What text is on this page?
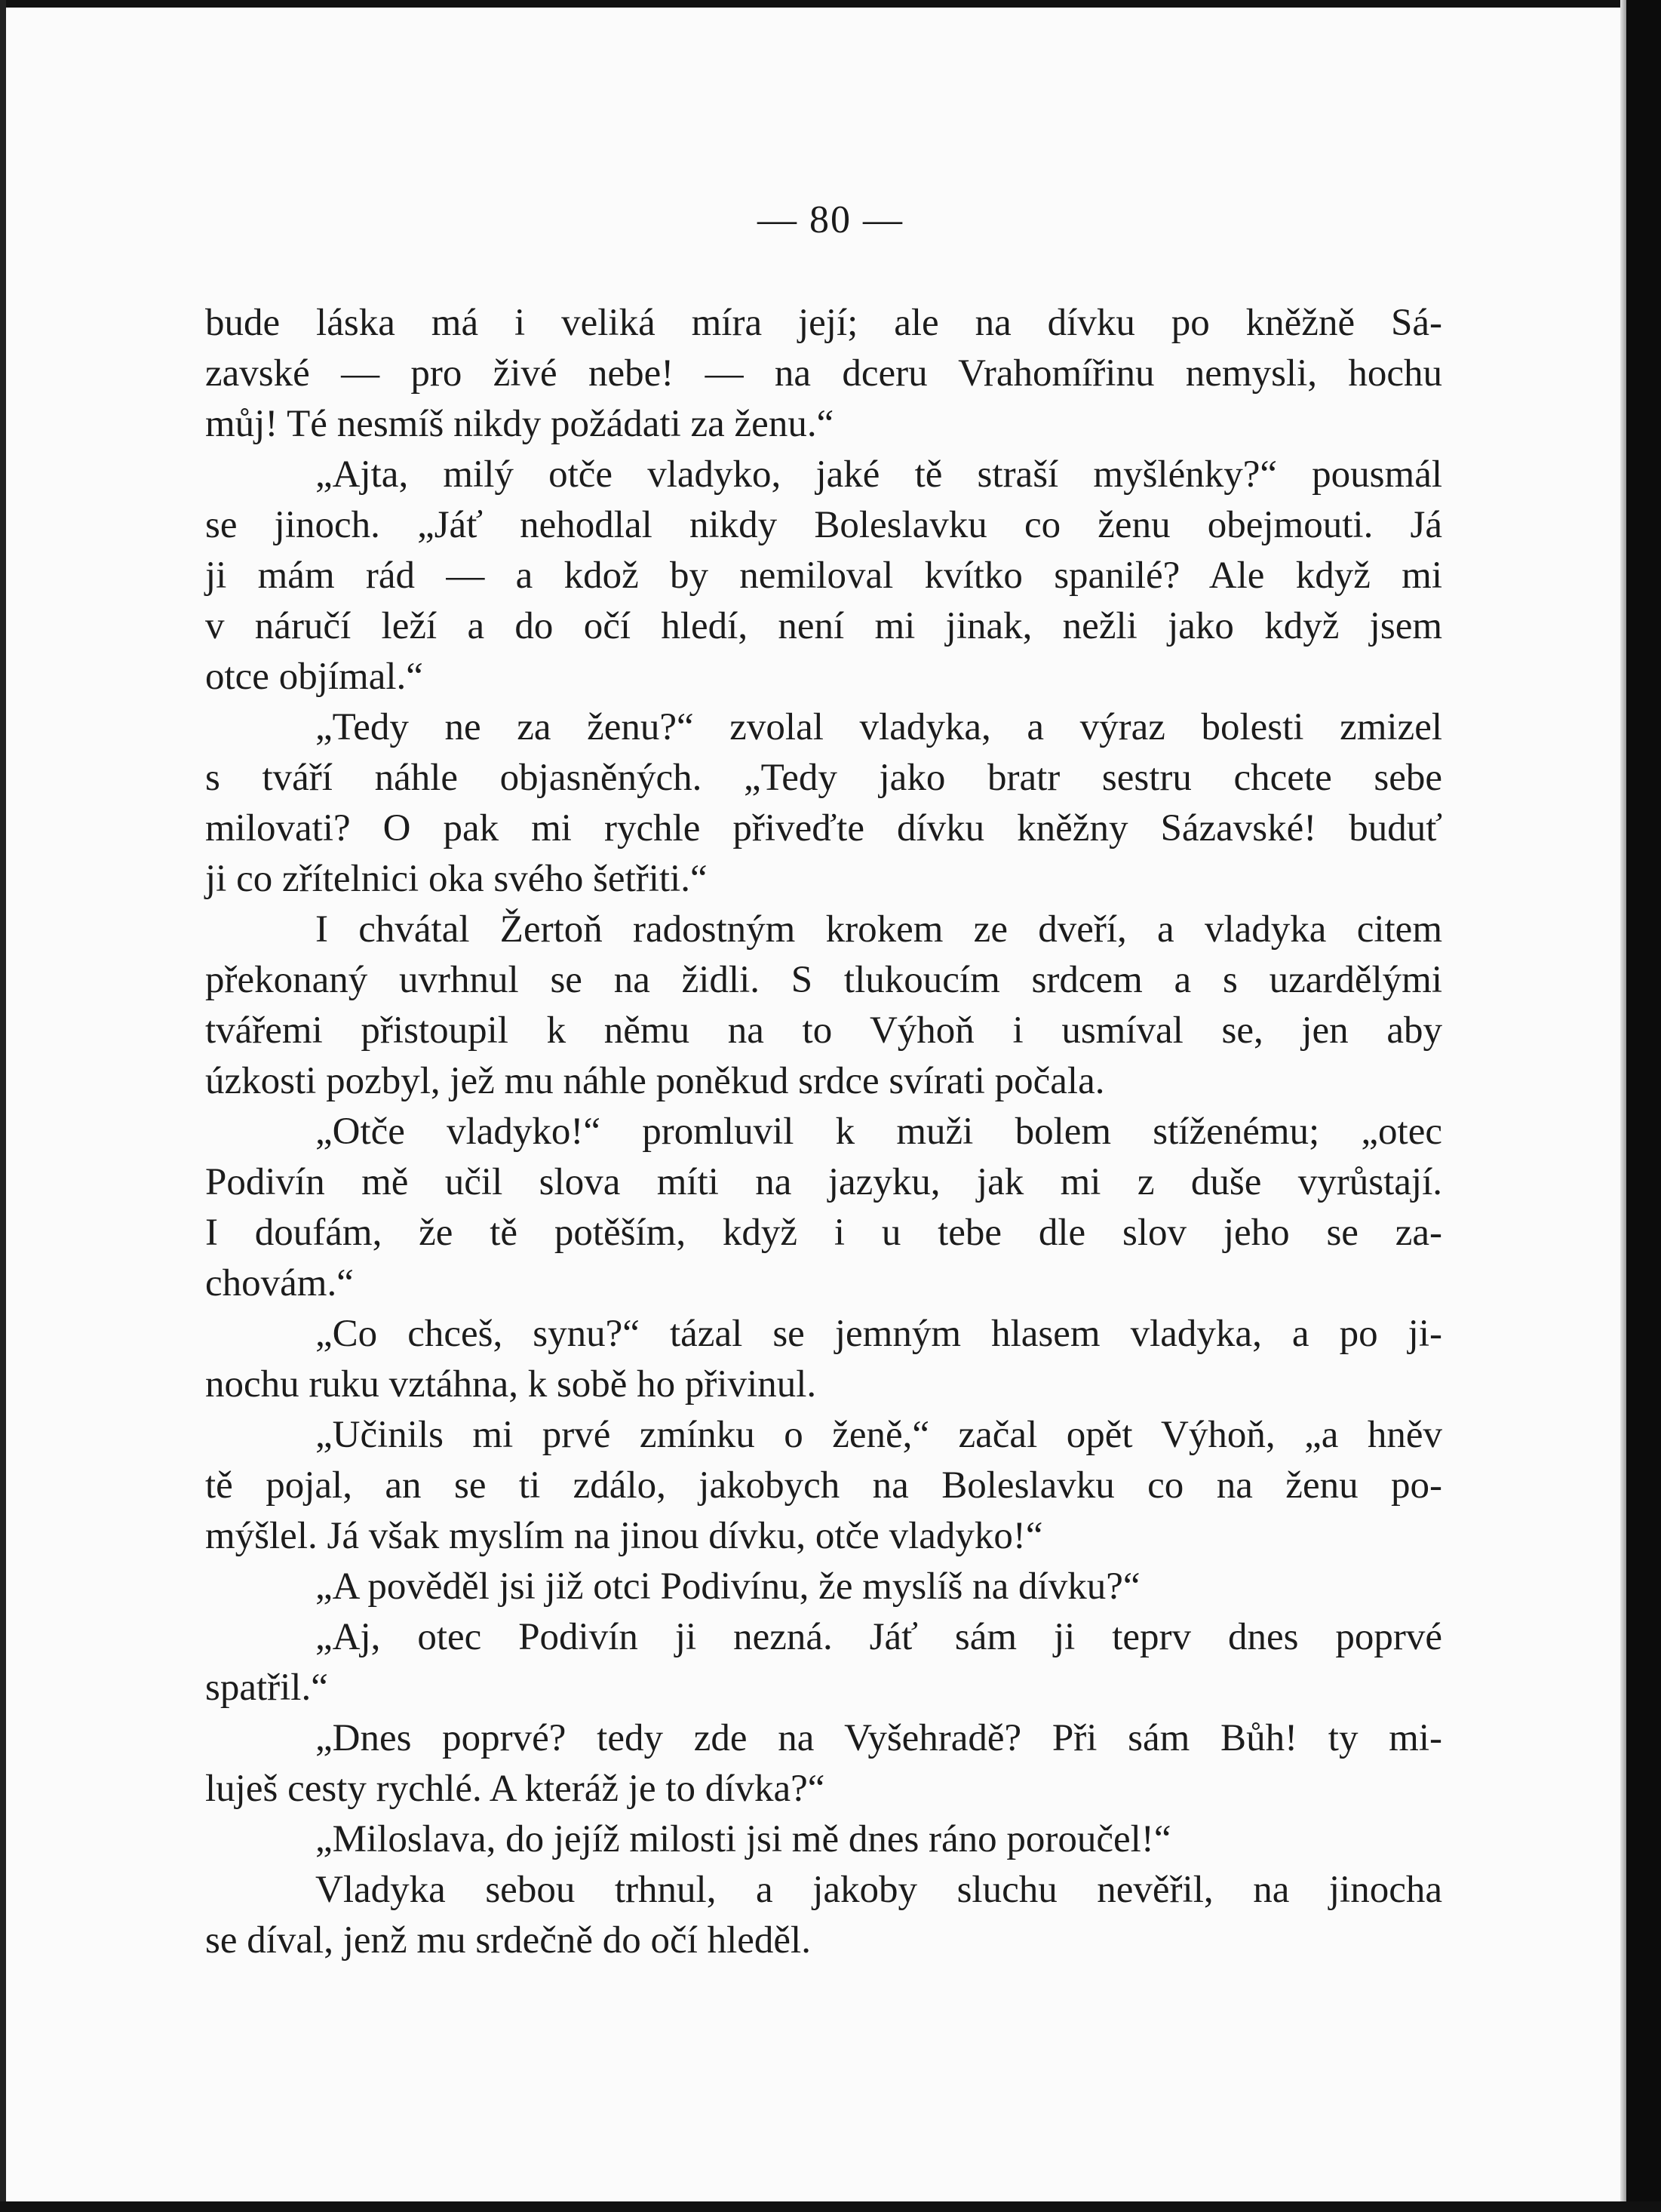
— 80 —
bude láska má i veliká míra její; ale na dívku po kněžně Sá-
zavské — pro živé nebe! — na dceru Vrahomířinu nemysli, hochu
můj! Té nesmíš nikdy požádati za ženu.“
„Ajta, milý otče vladyko, jaké tě straší myšlénky?“ pousmál
se jinoch. „Jáť nehodlal nikdy Boleslavku co ženu obejmouti. Já
ji mám rád — a kdož by nemiloval kvítko spanilé? Ale když mi
v náručí leží a do očí hledí, není mi jinak, nežli jako když jsem
otce objímal.“
„Tedy ne za ženu?“ zvolal vladyka, a výraz bolesti zmizel
s tváří náhle objasněných. „Tedy jako bratr sestru chcete sebe
milovati? O pak mi rychle přiveďte dívku kněžny Sázavské! buduť
ji co zřítelnici oka svého šetřiti.“
I chvátal Žertoň radostným krokem ze dveří, a vladyka citem
překonaný uvrhnul se na židli. S tlukoucím srdcem a s uzardělými
tvářemi přistoupil k němu na to Výhoň i usmíval se, jen aby
úzkosti pozbyl, jež mu náhle poněkud srdce svírati počala.
„Otče vladyko!“ promluvil k muži bolem stíženému; „otec
Podivín mě učil slova míti na jazyku, jak mi z duše vyrůstají.
I doufám, že tě potěším, když i u tebe dle slov jeho se za-
chovám.“
„Co chceš, synu?“ tázal se jemným hlasem vladyka, a po ji-
nochu ruku vztáhna, k sobě ho přivinul.
„Učinils mi prvé zmínku o ženě,“ začal opět Výhoň, „a hněv
tě pojal, an se ti zdálo, jakobych na Boleslavku co na ženu po-
mýšlel. Já však myslím na jinou dívku, otče vladyko!“
„A pověděl jsi již otci Podivínu, že myslíš na dívku?“
„Aj, otec Podivín ji nezná. Jáť sám ji teprv dnes poprvé
spatřil.“
„Dnes poprvé? tedy zde na Vyšehradě? Při sám Bůh! ty mi-
luješ cesty rychlé. A kteráž je to dívka?“
„Miloslava, do jejíž milosti jsi mě dnes ráno poroučel!“
Vladyka sebou trhnul, a jakoby sluchu nevěřil, na jinocha
se díval, jenž mu srdečně do očí hleděl.
